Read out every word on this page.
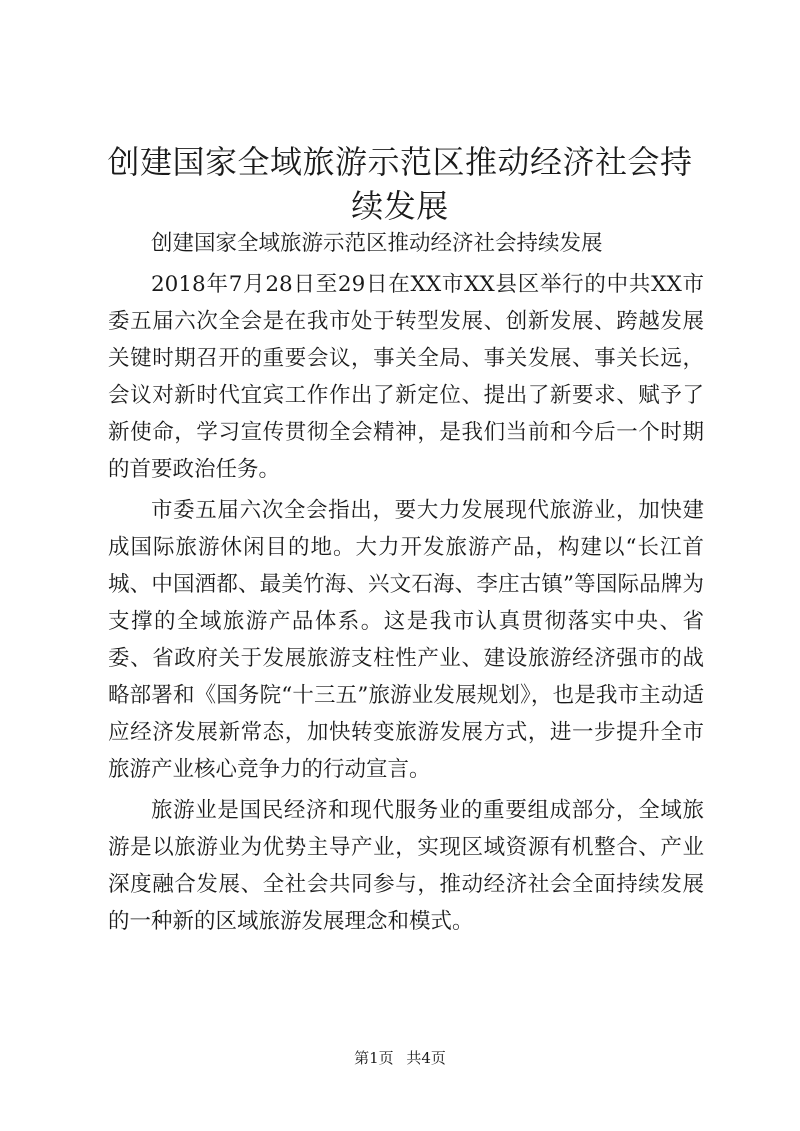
创建国家全域旅游示范区推动经济社会持续发展

创建国家全域旅游示范区推动经济社会持续发展

2018年7月28日至29日在XX市XX县区举行的中共XX市委五届六次全会是在我市处于转型发展、创新发展、跨越发展关键时期召开的重要会议，事关全局、事关发展、事关长远，会议对新时代宜宾工作作出了新定位、提出了新要求、赋予了新使命，学习宣传贯彻全会精神，是我们当前和今后一个时期的首要政治任务。

市委五届六次全会指出，要大力发展现代旅游业，加快建成国际旅游休闲目的地。大力开发旅游产品，构建以“长江首城、中国酒都、最美竹海、兴文石海、李庄古镇”等国际品牌为支撑的全域旅游产品体系。这是我市认真贯彻落实中央、省委、省政府关于发展旅游支柱性产业、建设旅游经济强市的战略部署和《国务院“十三五”旅游业发展规划》，也是我市主动适应经济发展新常态，加快转变旅游发展方式，进一步提升全市旅游产业核心竞争力的行动宣言。

旅游业是国民经济和现代服务业的重要组成部分，全域旅游是以旅游业为优势主导产业，实现区域资源有机整合、产业深度融合发展、全社会共同参与，推动经济社会全面持续发展的一种新的区域旅游发展理念和模式。

第1页 共4页
